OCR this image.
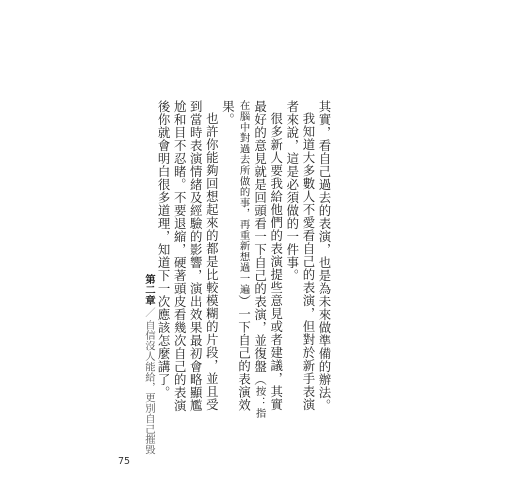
其實，看自己過去的表演，也是為未來做準備的辦法。

我知道大多數人不愛看自己的表演，但對於新手表演者來說，這是必須做的一件事。

很多新人要我給他們的表演提些意見或者建議，其實最好的意見就是回頭看一下自己的表演，並復盤（按：指在腦中對過去所做的事，再重新想過一遍）一下自己的表演效果。

也許你能夠回想起來的都是比較模糊的片段，並且受到當時表演情緒及經驗的影響，演出效果最初會略顯尷尬和目不忍睹。不要退縮，硬著頭皮看幾次自己的表演後你就會明白很多道理，知道下一次應該怎麼講了。

第二章／自信沒人能給，更別自己摧毀
75
